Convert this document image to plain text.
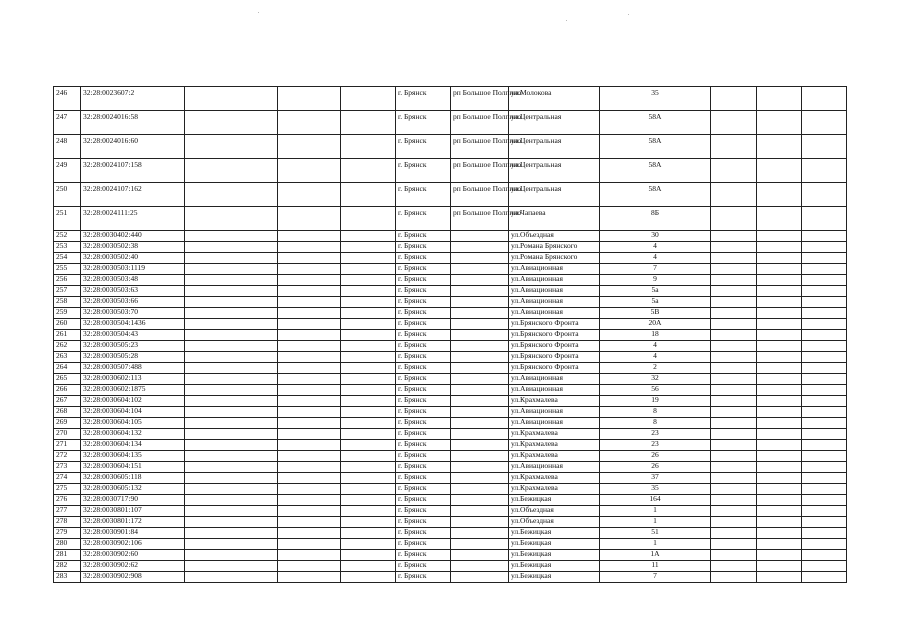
246	32:28:0023607:2				г. Брянск	рп Большое Полпино	ул.Молокова	35			
247	32:28:0024016:58				г. Брянск	рп Большое Полпино	ул.Центральная	58А			
248	32:28:0024016:60				г. Брянск	рп Большое Полпино	ул.Центральная	58А			
249	32:28:0024107:158				г. Брянск	рп Большое Полпино	ул.Центральная	58А			
250	32:28:0024107:162				г. Брянск	рп Большое Полпино	ул.Центральная	58А			
251	32:28:0024111:25				г. Брянск	рп Большое Полпино	ул.Чапаева	8Б			
252	32:28:0030402:440				г. Брянск		ул.Объездная	30			
253	32:28:0030502:38				г. Брянск		ул.Романа Брянского	4			
254	32:28:0030502:40				г. Брянск		ул.Романа Брянского	4			
255	32:28:0030503:1119				г. Брянск		ул.Авиационная	7			
256	32:28:0030503:48				г. Брянск		ул.Авиационная	9			
257	32:28:0030503:63				г. Брянск		ул.Авиационная	5а			
258	32:28:0030503:66				г. Брянск		ул.Авиационная	5а			
259	32:28:0030503:70				г. Брянск		ул.Авиационная	5В			
260	32:28:0030504:1436				г. Брянск		ул.Брянского Фронта	20А			
261	32:28:0030504:43				г. Брянск		ул.Брянского Фронта	18			
262	32:28:0030505:23				г. Брянск		ул.Брянского Фронта	4			
263	32:28:0030505:28				г. Брянск		ул.Брянского Фронта	4			
264	32:28:0030507:488				г. Брянск		ул.Брянского Фронта	2			
265	32:28:0030602:113				г. Брянск		ул.Авиационная	32			
266	32:28:0030602:1875				г. Брянск		ул.Авиационная	56			
267	32:28:0030604:102				г. Брянск		ул.Крахмалева	19			
268	32:28:0030604:104				г. Брянск		ул.Авиационная	8			
269	32:28:0030604:105				г. Брянск		ул.Авиационная	8			
270	32:28:0030604:132				г. Брянск		ул.Крахмалева	23			
271	32:28:0030604:134				г. Брянск		ул.Крахмалева	23			
272	32:28:0030604:135				г. Брянск		ул.Крахмалева	26			
273	32:28:0030604:151				г. Брянск		ул.Авиационная	26			
274	32:28:0030605:118				г. Брянск		ул.Крахмалева	37			
275	32:28:0030605:132				г. Брянск		ул.Крахмалева	35			
276	32:28:0030717:90				г. Брянск		ул.Бежицкая	164			
277	32:28:0030801:107				г. Брянск		ул.Объездная	1			
278	32:28:0030801:172				г. Брянск		ул.Объездная	1			
279	32:28:0030901:84				г. Брянск		ул.Бежицкая	51			
280	32:28:0030902:106				г. Брянск		ул.Бежицкая	1			
281	32:28:0030902:60				г. Брянск		ул.Бежицкая	1А			
282	32:28:0030902:62				г. Брянск		ул.Бежицкая	11			
283	32:28:0030902:908				г. Брянск		ул.Бежицкая	7			
